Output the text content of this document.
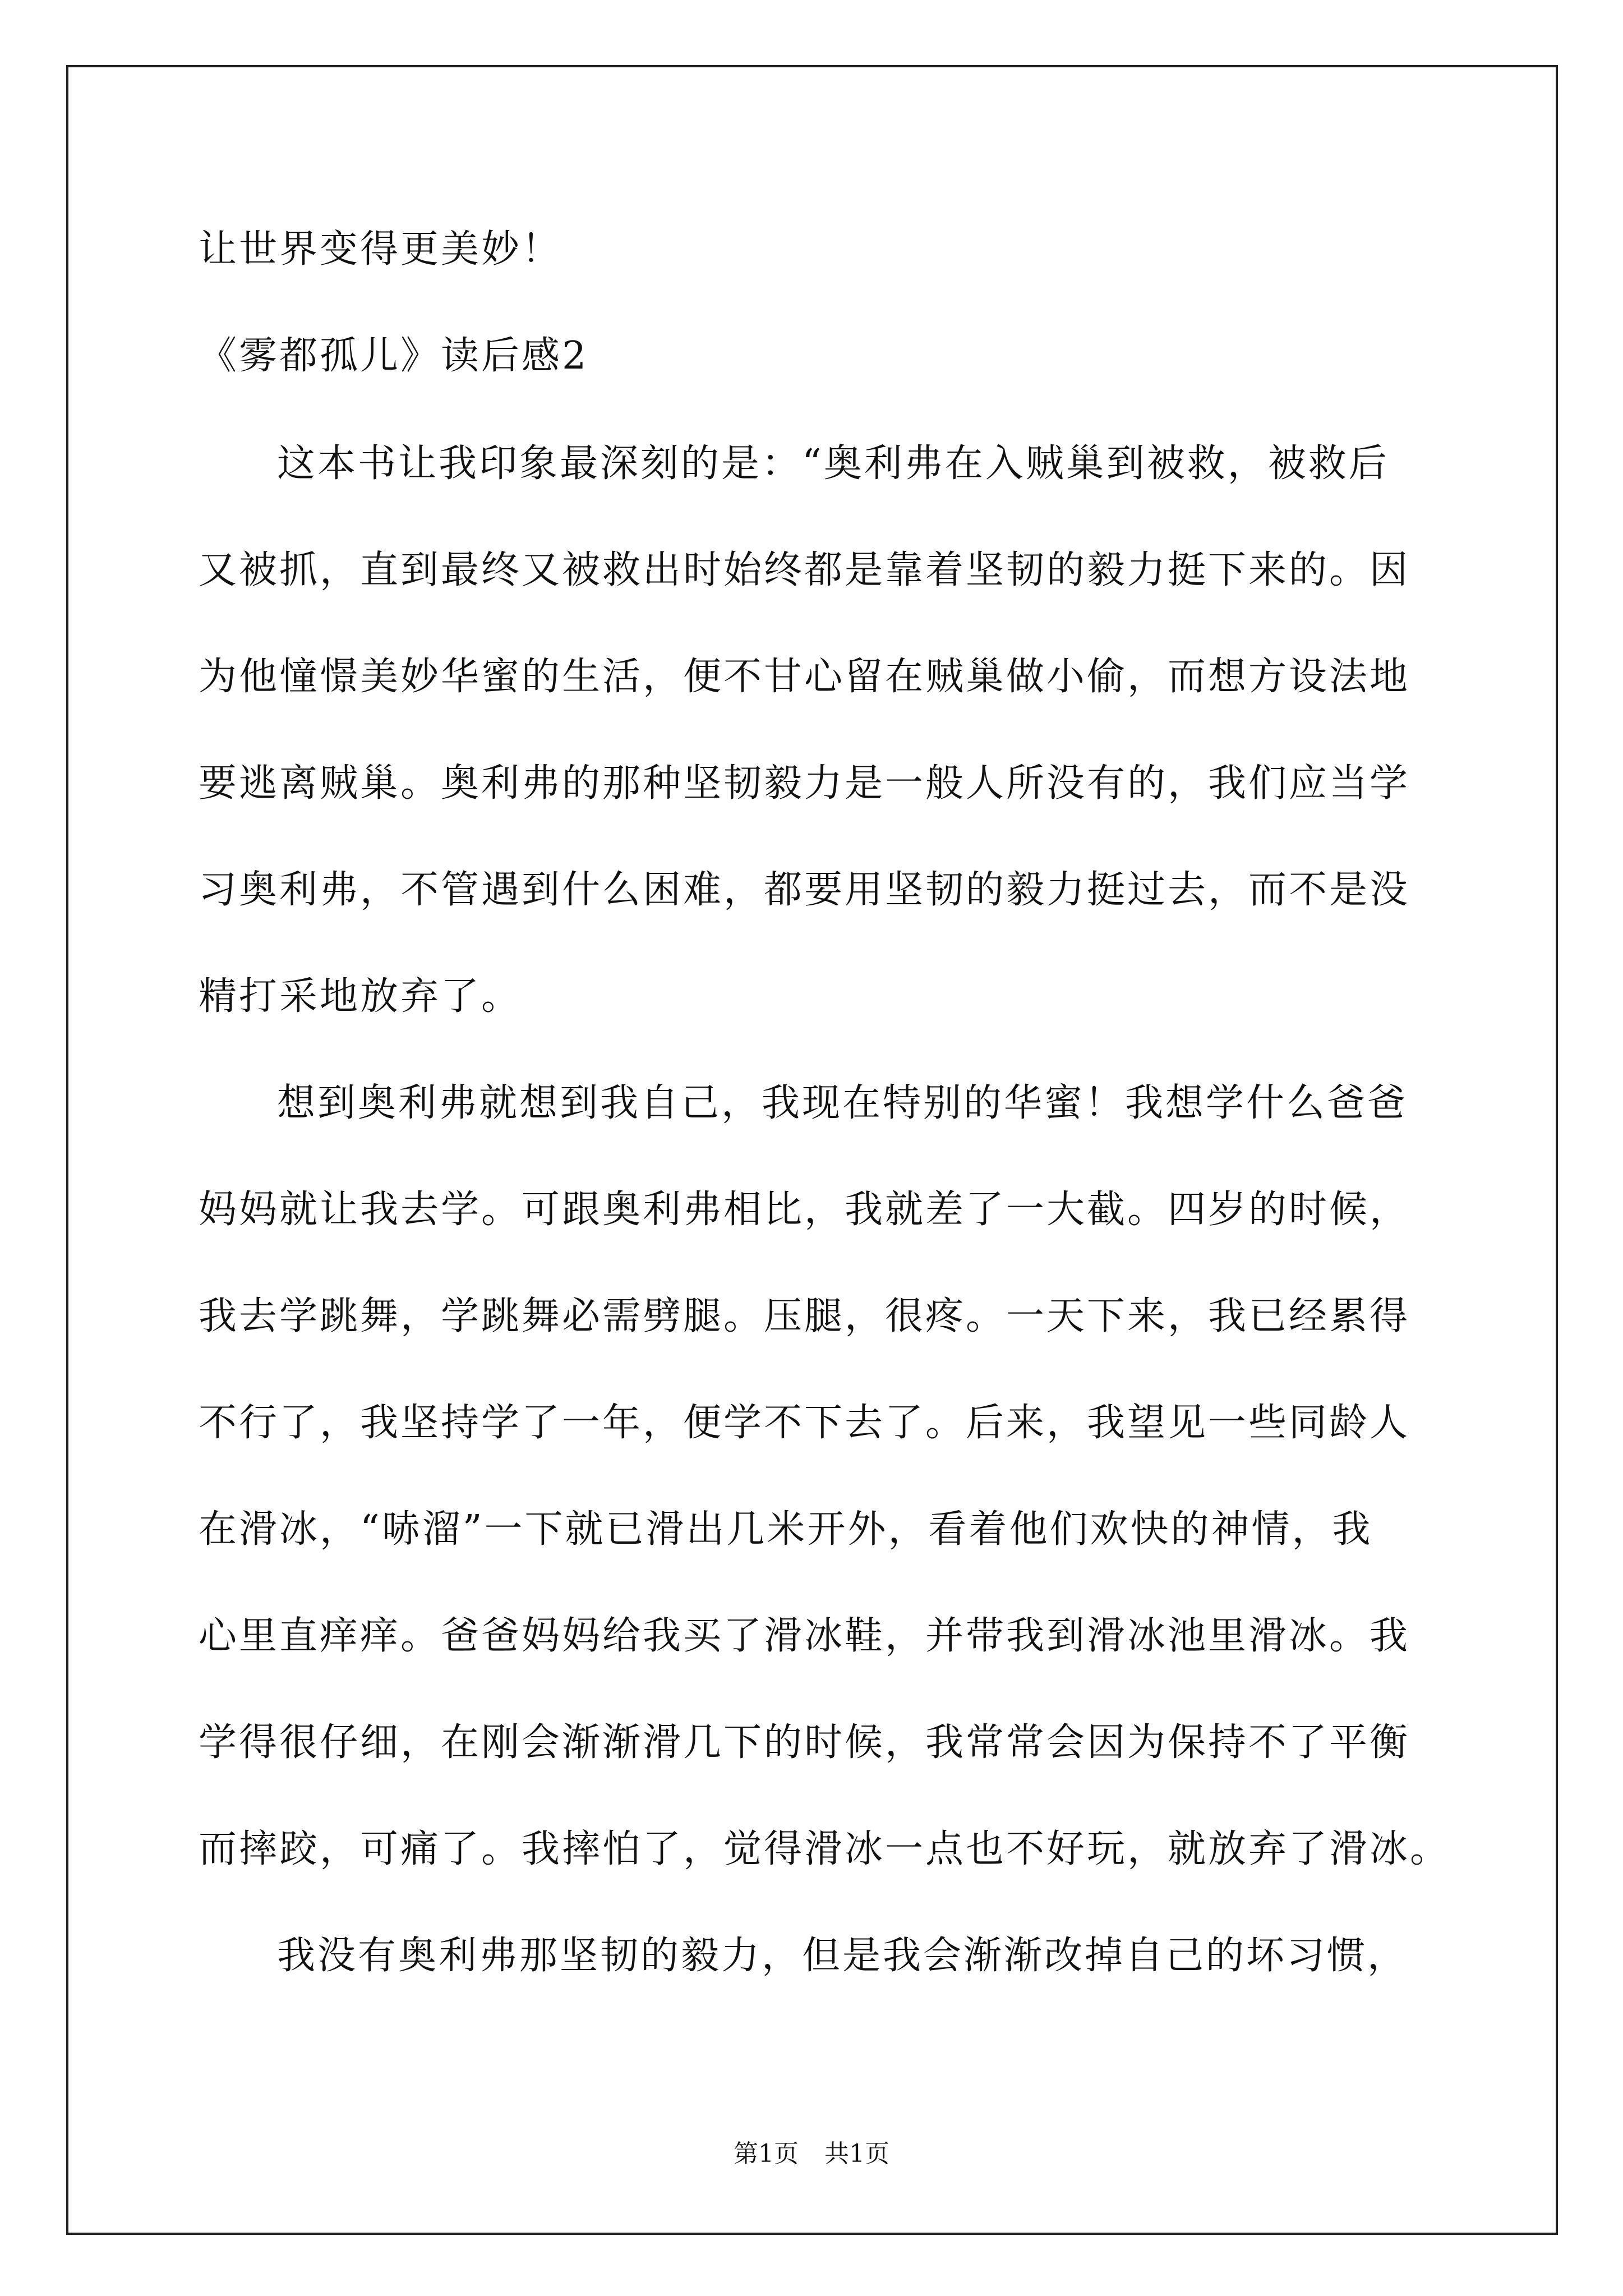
让世界变得更美妙！
《雾都孤儿》读后感2
这本书让我印象最深刻的是：“奥利弗在入贼巢到被救，被救后
又被抓，直到最终又被救出时始终都是靠着坚韧的毅力挺下来的。因
为他憧憬美妙华蜜的生活，便不甘心留在贼巢做小偷，而想方设法地
要逃离贼巢。奥利弗的那种坚韧毅力是一般人所没有的，我们应当学
习奥利弗，不管遇到什么困难，都要用坚韧的毅力挺过去，而不是没
精打采地放弃了。
想到奥利弗就想到我自己，我现在特别的华蜜！我想学什么爸爸
妈妈就让我去学。可跟奥利弗相比，我就差了一大截。四岁的时候，
我去学跳舞，学跳舞必需劈腿。压腿，很疼。一天下来，我已经累得
不行了，我坚持学了一年，便学不下去了。后来，我望见一些同龄人
在滑冰，“哧溜”一下就已滑出几米开外，看着他们欢快的神情，我
心里直痒痒。爸爸妈妈给我买了滑冰鞋，并带我到滑冰池里滑冰。我
学得很仔细，在刚会渐渐滑几下的时候，我常常会因为保持不了平衡
而摔跤，可痛了。我摔怕了，觉得滑冰一点也不好玩，就放弃了滑冰。
我没有奥利弗那坚韧的毅力，但是我会渐渐改掉自己的坏习惯，
第1页 共1页
